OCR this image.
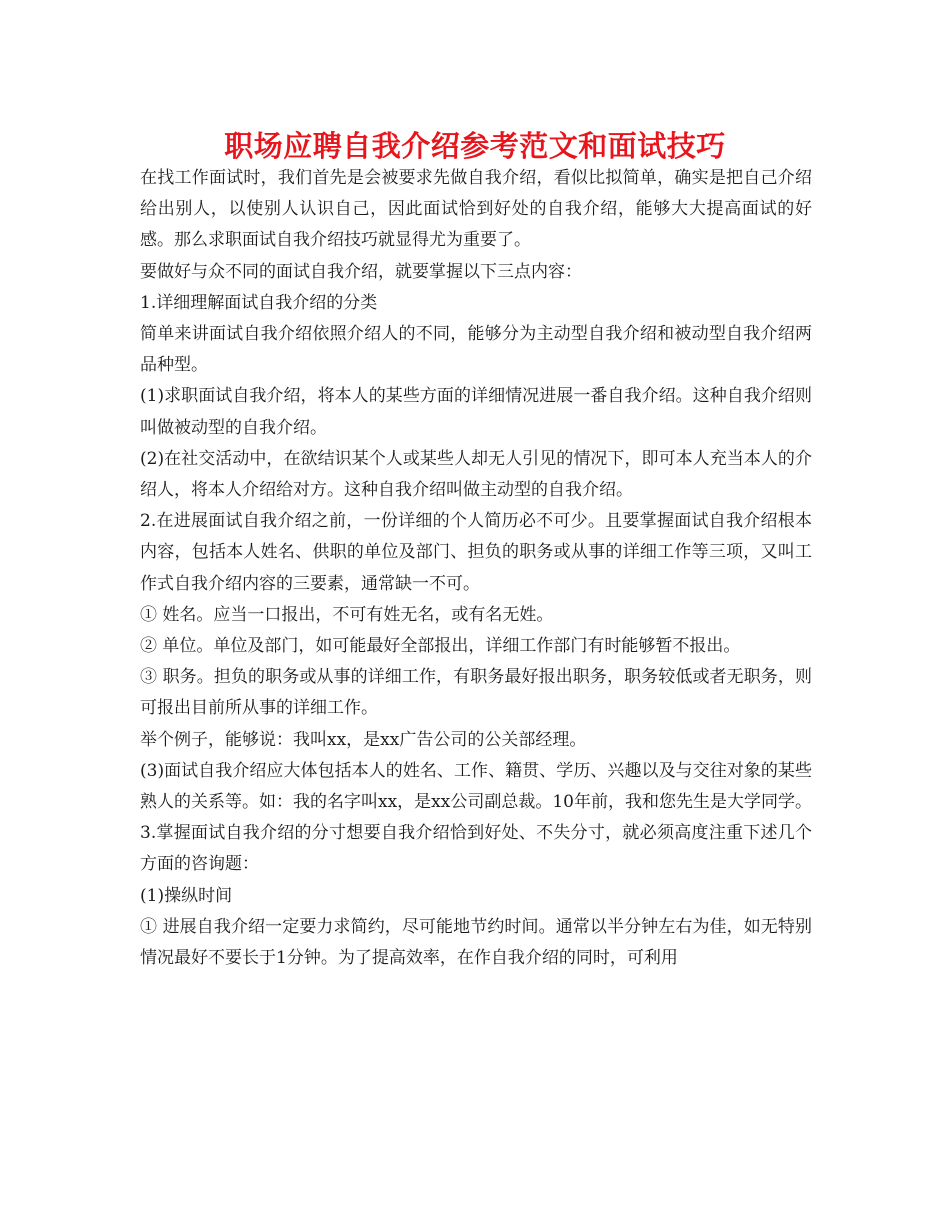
职场应聘自我介绍参考范文和面试技巧

在找工作面试时，我们首先是会被要求先做自我介绍，看似比拟简单，确实是把自己介绍给出别人，以使别人认识自己，因此面试恰到好处的自我介绍，能够大大提高面试的好感。那么求职面试自我介绍技巧就显得尤为重要了。

要做好与众不同的面试自我介绍，就要掌握以下三点内容：

1.详细理解面试自我介绍的分类

简单来讲面试自我介绍依照介绍人的不同，能够分为主动型自我介绍和被动型自我介绍两品种型。

(1)求职面试自我介绍，将本人的某些方面的详细情况进展一番自我介绍。这种自我介绍则叫做被动型的自我介绍。

(2)在社交活动中，在欲结识某个人或某些人却无人引见的情况下，即可本人充当本人的介绍人，将本人介绍给对方。这种自我介绍叫做主动型的自我介绍。

2.在进展面试自我介绍之前，一份详细的个人简历必不可少。且要掌握面试自我介绍根本内容，包括本人姓名、供职的单位及部门、担负的职务或从事的详细工作等三项，又叫工作式自我介绍内容的三要素，通常缺一不可。

① 姓名。应当一口报出，不可有姓无名，或有名无姓。

② 单位。单位及部门，如可能最好全部报出，详细工作部门有时能够暂不报出。

③ 职务。担负的职务或从事的详细工作，有职务最好报出职务，职务较低或者无职务，则可报出目前所从事的详细工作。

举个例子，能够说：我叫xx，是xx广告公司的公关部经理。

(3)面试自我介绍应大体包括本人的姓名、工作、籍贯、学历、兴趣以及与交往对象的某些熟人的关系等。如：我的名字叫xx，是xx公司副总裁。10年前，我和您先生是大学同学。

3.掌握面试自我介绍的分寸想要自我介绍恰到好处、不失分寸，就必须高度注重下述几个方面的咨询题：

(1)操纵时间

① 进展自我介绍一定要力求简约，尽可能地节约时间。通常以半分钟左右为佳，如无特别情况最好不要长于1分钟。为了提高效率，在作自我介绍的同时，可利用
